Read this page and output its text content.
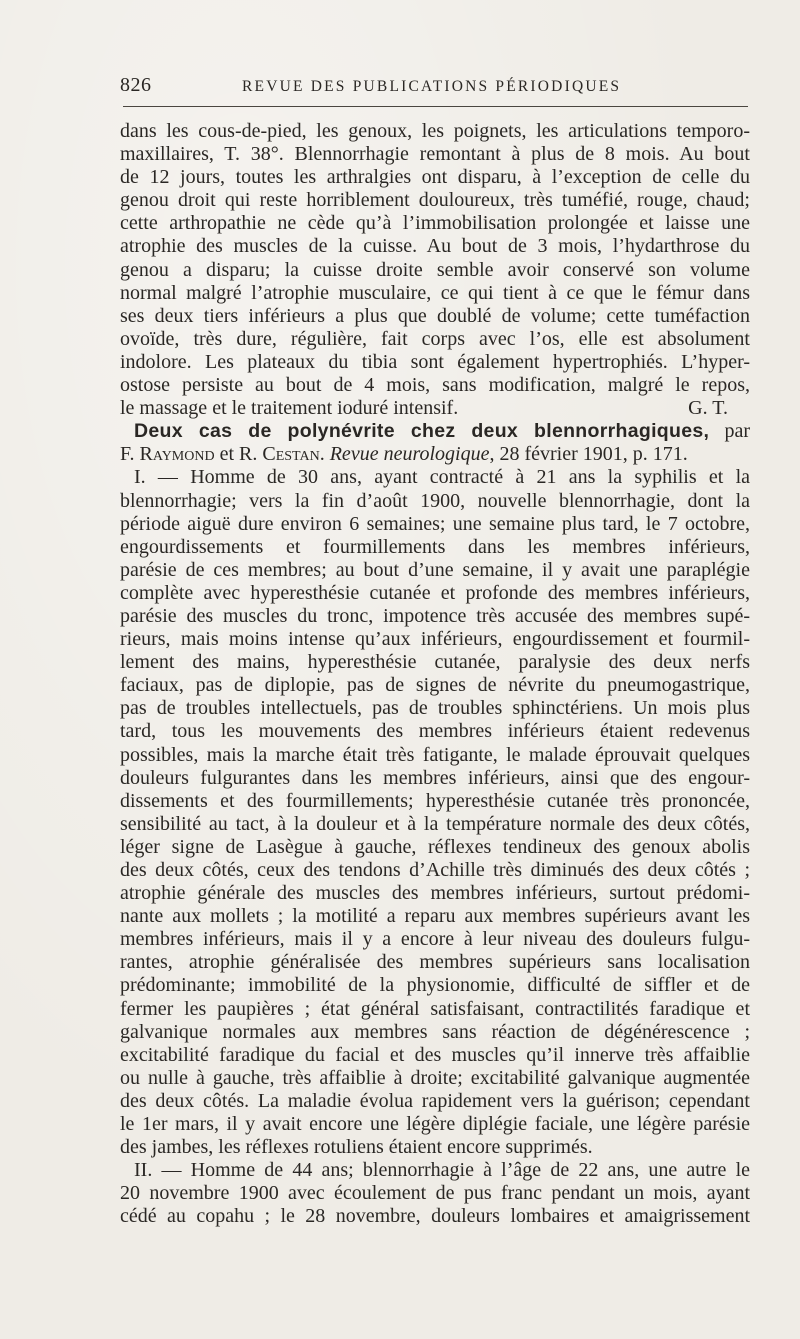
826	REVUE DES PUBLICATIONS PÉRIODIQUES
dans les cous-de-pied, les genoux, les poignets, les articulations temporo-
maxillaires, T. 38°. Blennorrhagie remontant à plus de 8 mois. Au bout
de 12 jours, toutes les arthralgies ont disparu, à l’exception de celle du
genou droit qui reste horriblement douloureux, très tuméfié, rouge, chaud;
cette arthropathie ne cède qu’à l’immobilisation prolongée et laisse une
atrophie des muscles de la cuisse. Au bout de 3 mois, l’hydarthrose du
genou a disparu; la cuisse droite semble avoir conservé son volume
normal malgré l’atrophie musculaire, ce qui tient à ce que le fémur dans
ses deux tiers inférieurs a plus que doublé de volume; cette tuméfaction
ovoïde, très dure, régulière, fait corps avec l’os, elle est absolument
indolore. Les plateaux du tibia sont également hypertrophiés. L’hyper-
ostose persiste au bout de 4 mois, sans modification, malgré le repos,
le massage et le traitement ioduré intensif.	G. T.
Deux cas de polynévrite chez deux blennorrhagiques, par
F. Raymond et R. Cestan. Revue neurologique, 28 février 1901, p. 171.
I. — Homme de 30 ans, ayant contracté à 21 ans la syphilis et la
blennorrhagie; vers la fin d’août 1900, nouvelle blennorrhagie, dont la
période aiguë dure environ 6 semaines; une semaine plus tard, le 7 octobre,
engourdissements et fourmillements dans les membres inférieurs,
parésie de ces membres; au bout d’une semaine, il y avait une paraplégie
complète avec hyperesthésie cutanée et profonde des membres inférieurs,
parésie des muscles du tronc, impotence très accusée des membres supé-
rieurs, mais moins intense qu’aux inférieurs, engourdissement et fourmil-
lement des mains, hyperesthésie cutanée, paralysie des deux nerfs
faciaux, pas de diplopie, pas de signes de névrite du pneumogastrique,
pas de troubles intellectuels, pas de troubles sphinctériens. Un mois plus
tard, tous les mouvements des membres inférieurs étaient redevenus
possibles, mais la marche était très fatigante, le malade éprouvait quelques
douleurs fulgurantes dans les membres inférieurs, ainsi que des engour-
dissements et des fourmillements; hyperesthésie cutanée très prononcée,
sensibilité au tact, à la douleur et à la température normale des deux côtés,
léger signe de Lasègue à gauche, réflexes tendineux des genoux abolis
des deux côtés, ceux des tendons d’Achille très diminués des deux côtés ;
atrophie générale des muscles des membres inférieurs, surtout prédomi-
nante aux mollets ; la motilité a reparu aux membres supérieurs avant les
membres inférieurs, mais il y a encore à leur niveau des douleurs fulgu-
rantes, atrophie généralisée des membres supérieurs sans localisation
prédominante; immobilité de la physionomie, difficulté de siffler et de
fermer les paupières ; état général satisfaisant, contractilités faradique et
galvanique normales aux membres sans réaction de dégénérescence ;
excitabilité faradique du facial et des muscles qu’il innerve très affaiblie
ou nulle à gauche, très affaiblie à droite; excitabilité galvanique augmentée
des deux côtés. La maladie évolua rapidement vers la guérison; cependant
le 1er mars, il y avait encore une légère diplégie faciale, une légère parésie
des jambes, les réflexes rotuliens étaient encore supprimés.
II. — Homme de 44 ans; blennorrhagie à l’âge de 22 ans, une autre le
20 novembre 1900 avec écoulement de pus franc pendant un mois, ayant
cédé au copahu ; le 28 novembre, douleurs lombaires et amaigrissement
